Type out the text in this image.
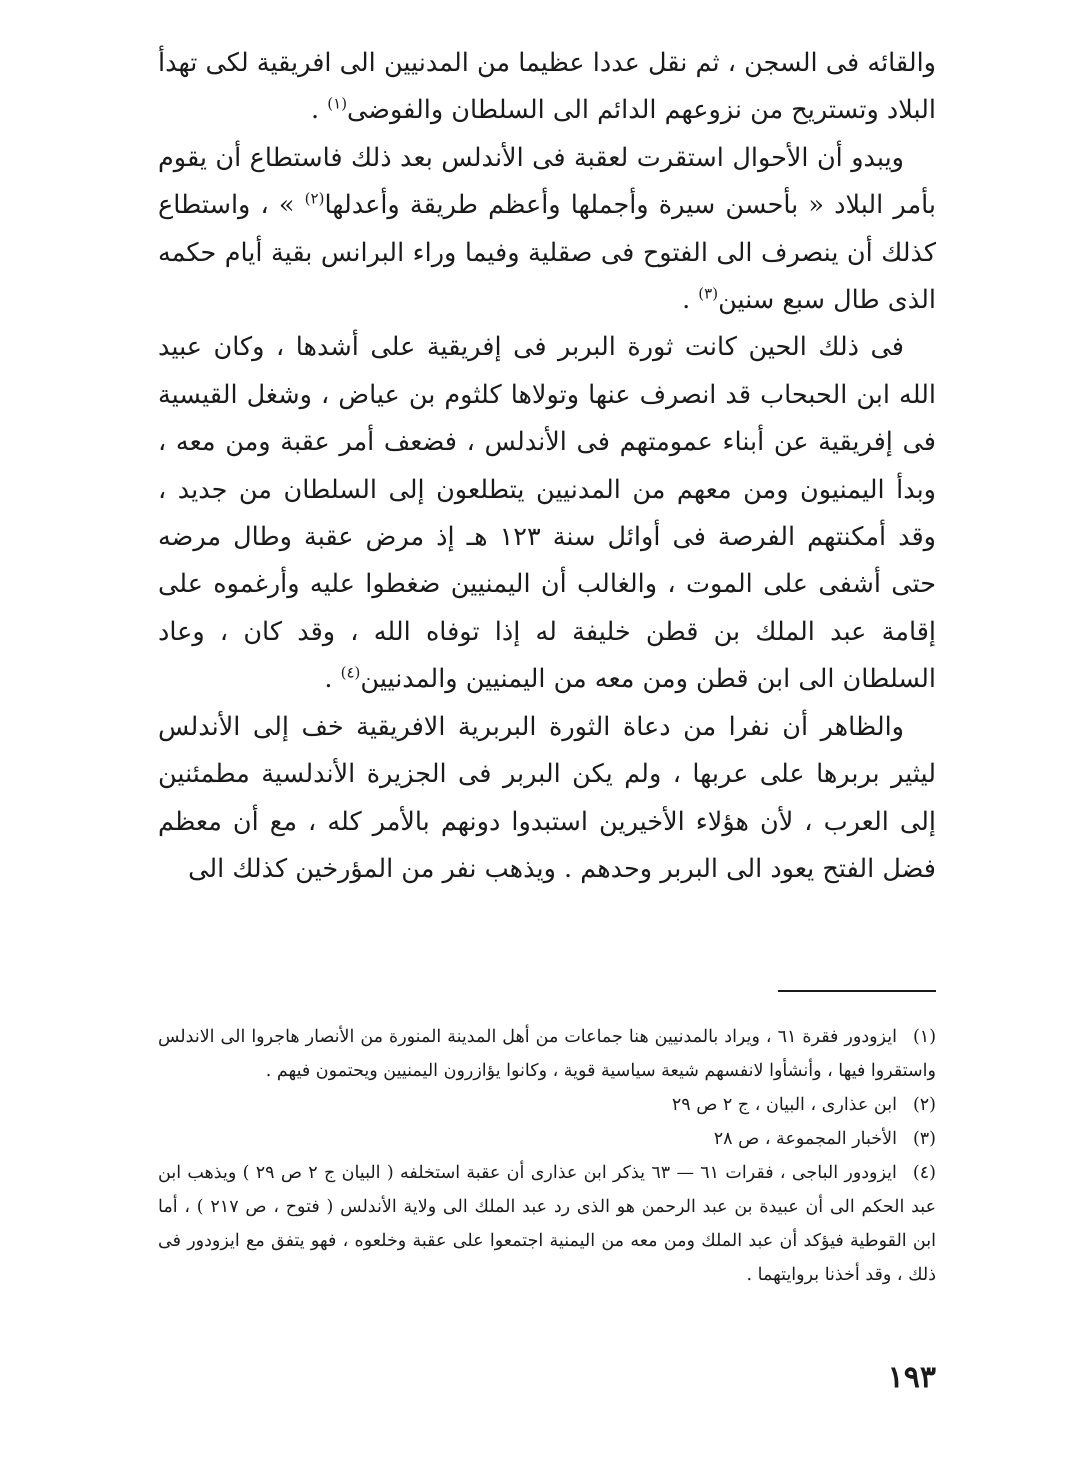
والقائه فى السجن ، ثم نقل عددا عظيما من المدنيين الى افريقية لكى تهدأ البلاد وتستريح من نزوعهم الدائم الى السلطان والفوضى$^{(١)}$ .

ويبدو أن الأحوال استقرت لعقبة فى الأندلس بعد ذلك فاستطاع أن يقوم بأمر البلاد « بأحسن سيرة وأجملها وأعظم طريقة وأعدلها$^{(٢)}$ » ، واستطاع كذلك أن ينصرف الى الفتوح فى صقلية وفيما وراء البرانس بقية أيام حكمه الذى طال سبع سنين$^{(٣)}$ .

فى ذلك الحين كانت ثورة البربر فى إفريقية على أشدها ، وكان عبيد الله ابن الحبحاب قد انصرف عنها وتولاها كلثوم بن عياض ، وشغل القيسية فى إفريقية عن أبناء عمومتهم فى الأندلس ، فضعف أمر عقبة ومن معه ، وبدأ اليمنيون ومن معهم من المدنيين يتطلعون إلى السلطان من جديد ، وقد أمكنتهم الفرصة فى أوائل سنة ١٢٣ هـ إذ مرض عقبة وطال مرضه حتى أشفى على الموت ، والغالب أن اليمنيين ضغطوا عليه وأرغموه على إقامة عبد الملك بن قطن خليفة له إذا توفاه الله ، وقد كان ، وعاد السلطان الى ابن قطن ومن معه من اليمنيين والمدنيين$^{(٤)}$ .

والظاهر أن نفرا من دعاة الثورة البربرية الافريقية خف إلى الأندلس ليثير بربرها على عربها ، ولم يكن البربر فى الجزيرة الأندلسية مطمئنين إلى العرب ، لأن هؤلاء الأخيرين استبدوا دونهم بالأمر كله ، مع أن معظم فضل الفتح يعود الى البربر وحدهم . ويذهب نفر من المؤرخين كذلك الى

(١)ايزودور فقرة ٦١ ، ويراد بالمدنيين هنا جماعات من أهل المدينة المنورة من الأنصار هاجروا الى الاندلس واستقروا فيها ، وأنشأوا لانفسهم شيعة سياسية قوية ، وكانوا يؤازرون اليمنيين ويحتمون فيهم .

(٢)ابن عذارى ، البيان ، ج ٢ ص ٢٩

(٣)الأخبار المجموعة ، ص ٢٨

(٤)ايزودور الباجى ، فقرات ٦١ — ٦٣ يذكر ابن عذارى أن عقبة استخلفه ( البيان ج ٢ ص ٢٩ ) ويذهب ابن عبد الحكم الى أن عبيدة بن عبد الرحمن هو الذى رد عبد الملك الى ولاية الأندلس ( فتوح ، ص ٢١٧ ) ، أما ابن القوطية فيؤكد أن عبد الملك ومن معه من اليمنية اجتمعوا على عقبة وخلعوه ، فهو يتفق مع ايزودور فى ذلك ، وقد أخذنا بروايتهما .

١٩٣
